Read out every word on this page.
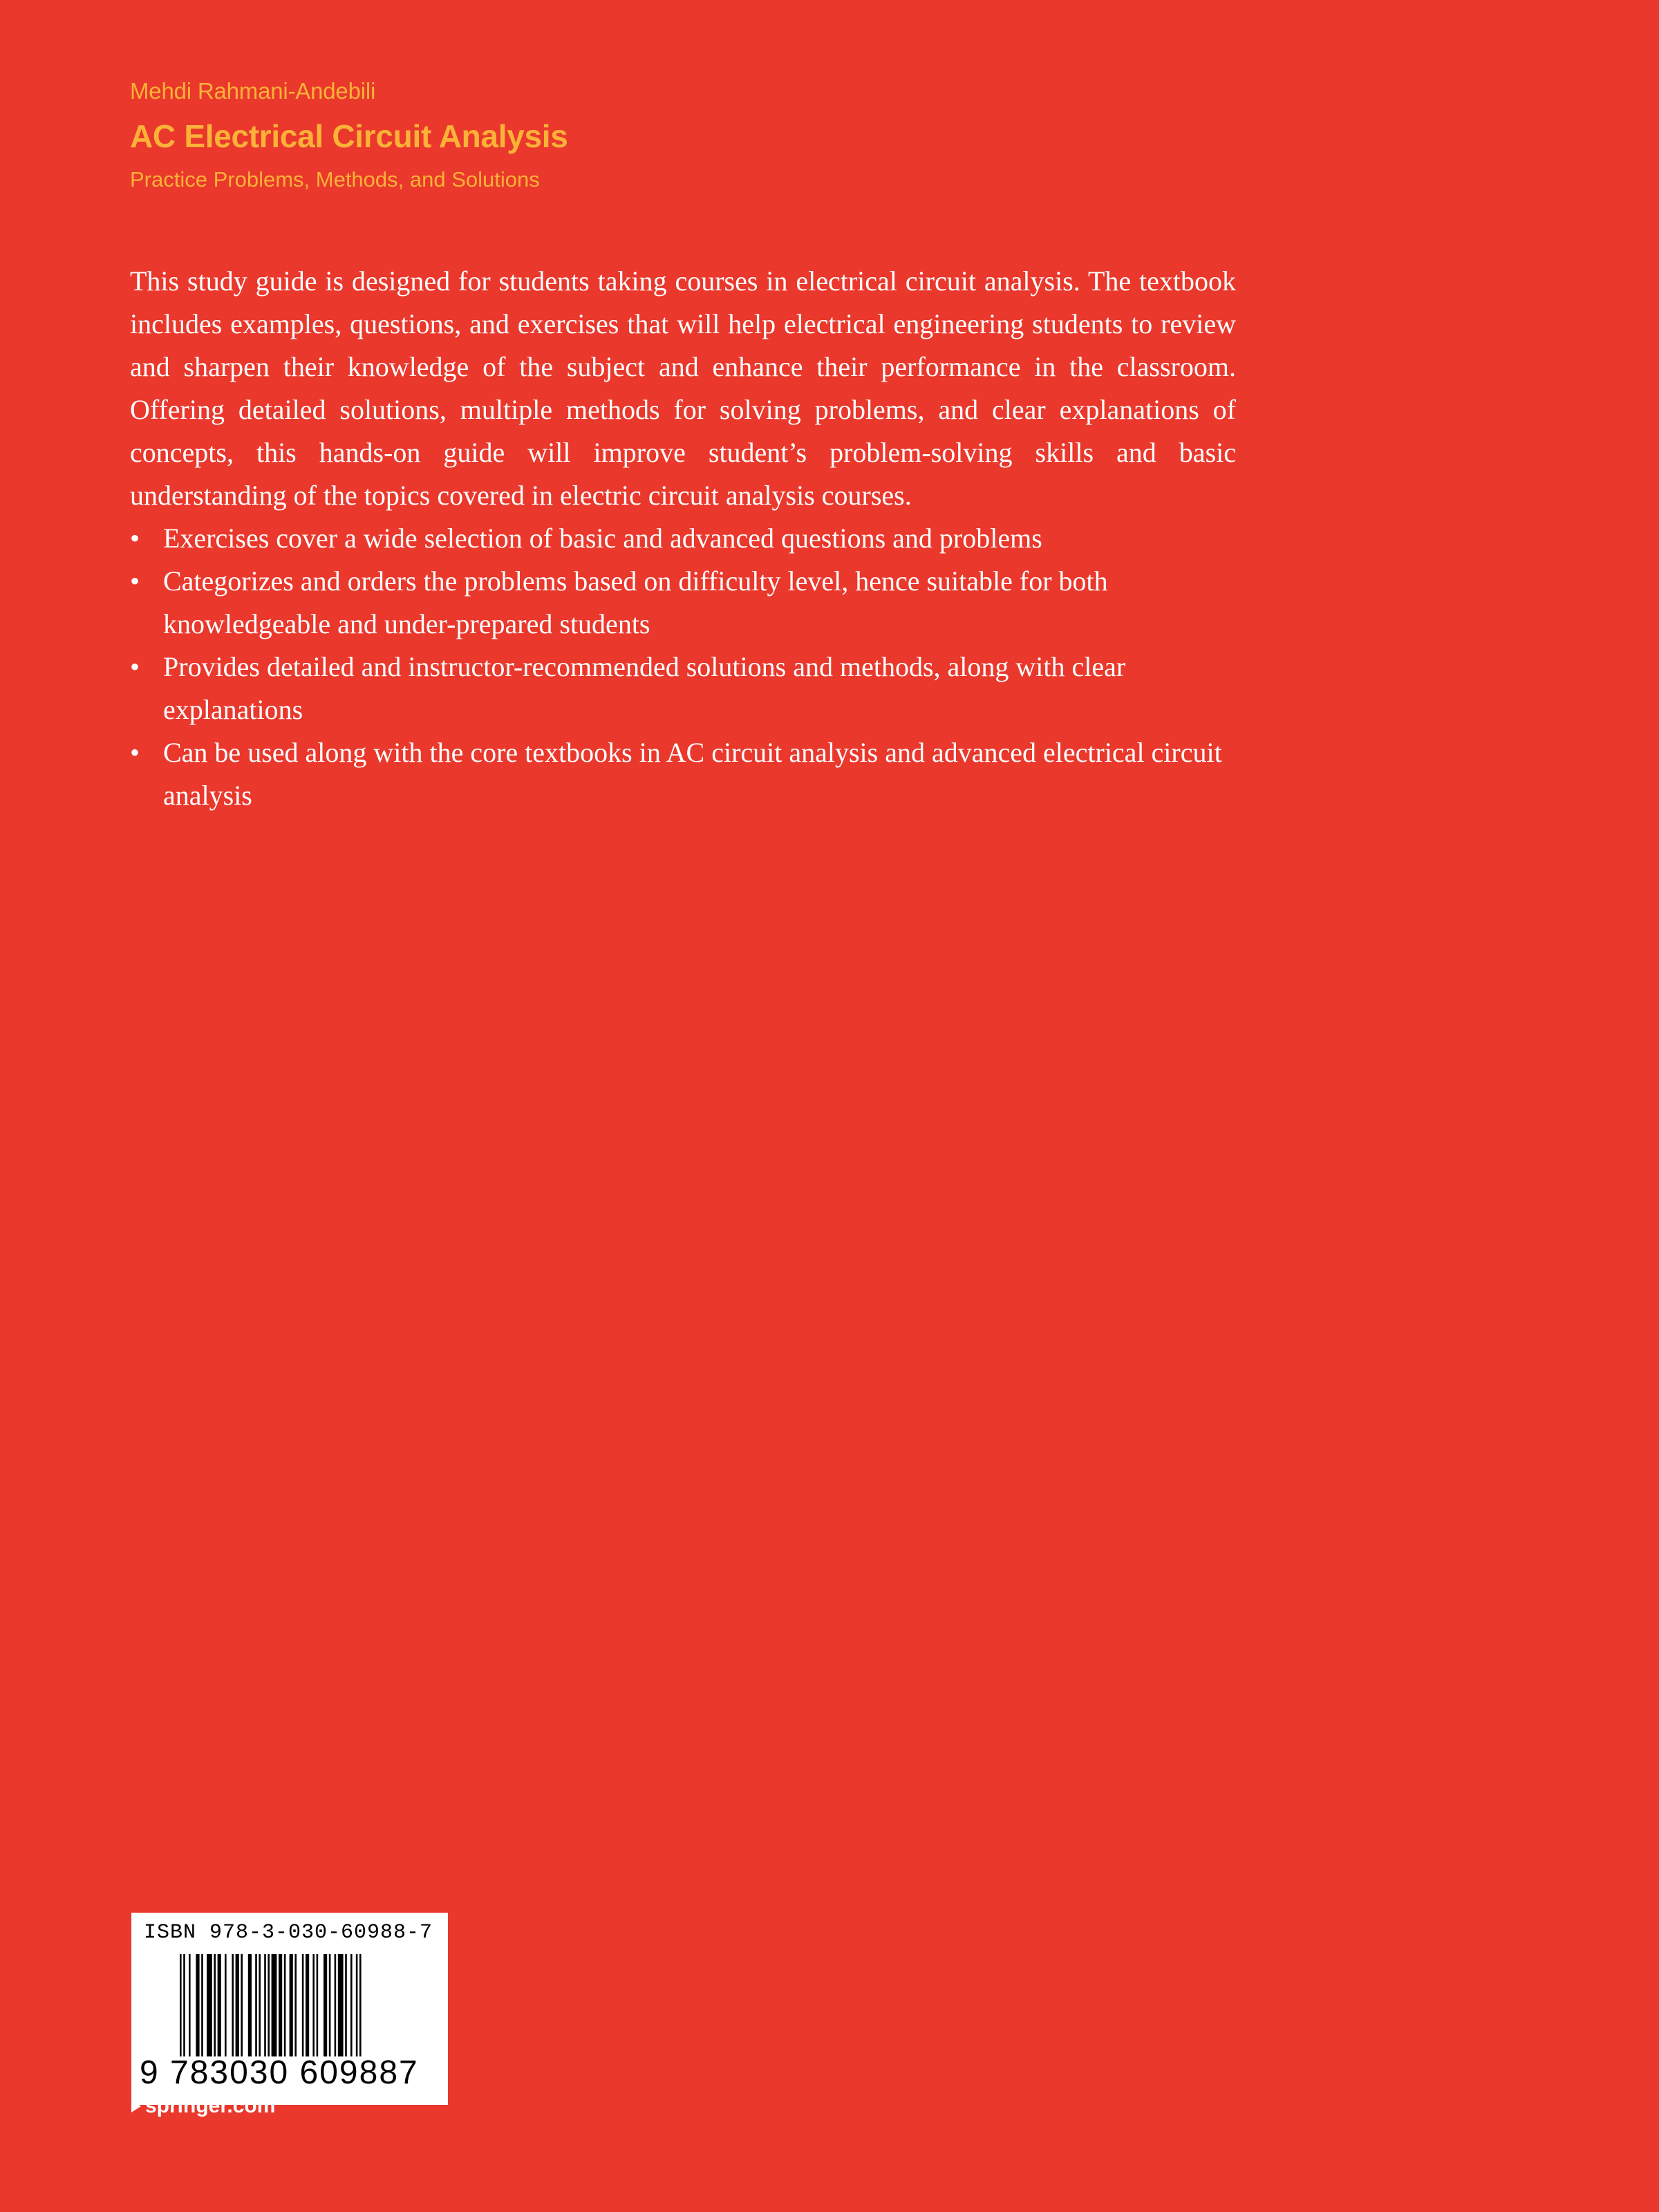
Mehdi Rahmani-Andebili
AC Electrical Circuit Analysis
Practice Problems, Methods, and Solutions

This study guide is designed for students taking courses in electrical circuit analysis. The textbook includes examples, questions, and exercises that will help electrical engineering students to review and sharpen their knowledge of the subject and enhance their performance in the classroom. Offering detailed solutions, multiple methods for solving problems, and clear explanations of concepts, this hands-on guide will improve student’s problem-solving skills and basic understanding of the topics covered in electric circuit analysis courses.

• Exercises cover a wide selection of basic and advanced questions and problems
• Categorizes and orders the problems based on difficulty level, hence suitable for both knowledgeable and under-prepared students
• Provides detailed and instructor-recommended solutions and methods, along with clear explanations
• Can be used along with the core textbooks in AC circuit analysis and advanced electrical circuit analysis
ISBN 978-3-030-60988-7
9 783030 609887
springer.com
